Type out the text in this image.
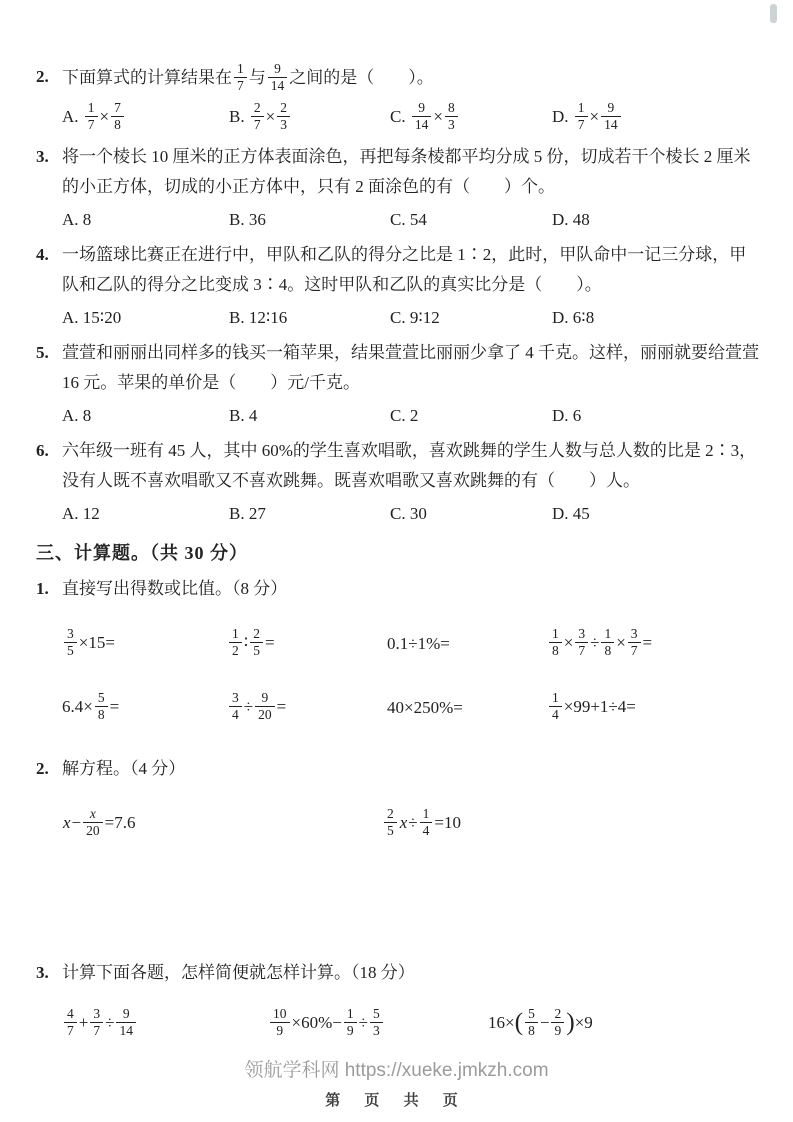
2. 下面算式的计算结果在 $\frac{1}{7}$ 与 $\frac{9}{14}$ 之间的是（　　）。
A. $\frac{1}{7} \times \frac{7}{8}$	B. $\frac{2}{7} \times \frac{2}{3}$	C. $\frac{9}{14} \times \frac{8}{3}$	D. $\frac{1}{7} \times \frac{9}{14}$
3. 将一个棱长 10 厘米的正方体表面涂色，再把每条棱都平均分成 5 份，切成若干个棱长 2 厘米的小正方体，切成的小正方体中，只有 2 面涂色的有（　　）个。
A. 8	B. 36	C. 54	D. 48
4. 一场篮球比赛正在进行中，甲队和乙队的得分之比是 1∶2，此时，甲队命中一记三分球，甲队和乙队的得分之比变成 3∶4。这时甲队和乙队的真实比分是（　　）。
A. 15∶20	B. 12∶16	C. 9∶12	D. 6∶8
5. 萱萱和丽丽出同样多的钱买一箱苹果，结果萱萱比丽丽少拿了 4 千克。这样，丽丽就要给萱萱 16 元。苹果的单价是（　　）元/千克。
A. 8	B. 4	C. 2	D. 6
6. 六年级一班有 45 人，其中 60%的学生喜欢唱歌，喜欢跳舞的学生人数与总人数的比是 2∶3，没有人既不喜欢唱歌又不喜欢跳舞。既喜欢唱歌又喜欢跳舞的有（　　）人。
A. 12	B. 27	C. 30	D. 45
三、计算题。（共 30 分）
1. 直接写出得数或比值。（8 分）
$\frac{3}{5} \times 15=$	$\frac{1}{2}$ ∶ $\frac{2}{5}$ =	0.1÷1%=	$\frac{1}{8} \times \frac{3}{7} \div \frac{1}{8} \times \frac{3}{7}$ =
$6.4\times \frac{5}{8}$ =	$\frac{3}{4} \div \frac{9}{20}$ =	40×250%=	$\frac{1}{4} \times 99+1\div 4=$
2. 解方程。（4 分）
$x- \frac{x}{20} =7.6$	$\frac{2}{5} x\div \frac{1}{4} =10$
3. 计算下面各题，怎样简便就怎样计算。（18 分）
$\frac{4}{7} + \frac{3}{7} \div \frac{9}{14}$	$\frac{10}{9} \times 60\%- \frac{1}{9} \div \frac{5}{3}$	$16\times( \frac{5}{8} - \frac{2}{9} )\times 9$
领航学科网 https://xueke.jmkzh.com
第 页 共 页
